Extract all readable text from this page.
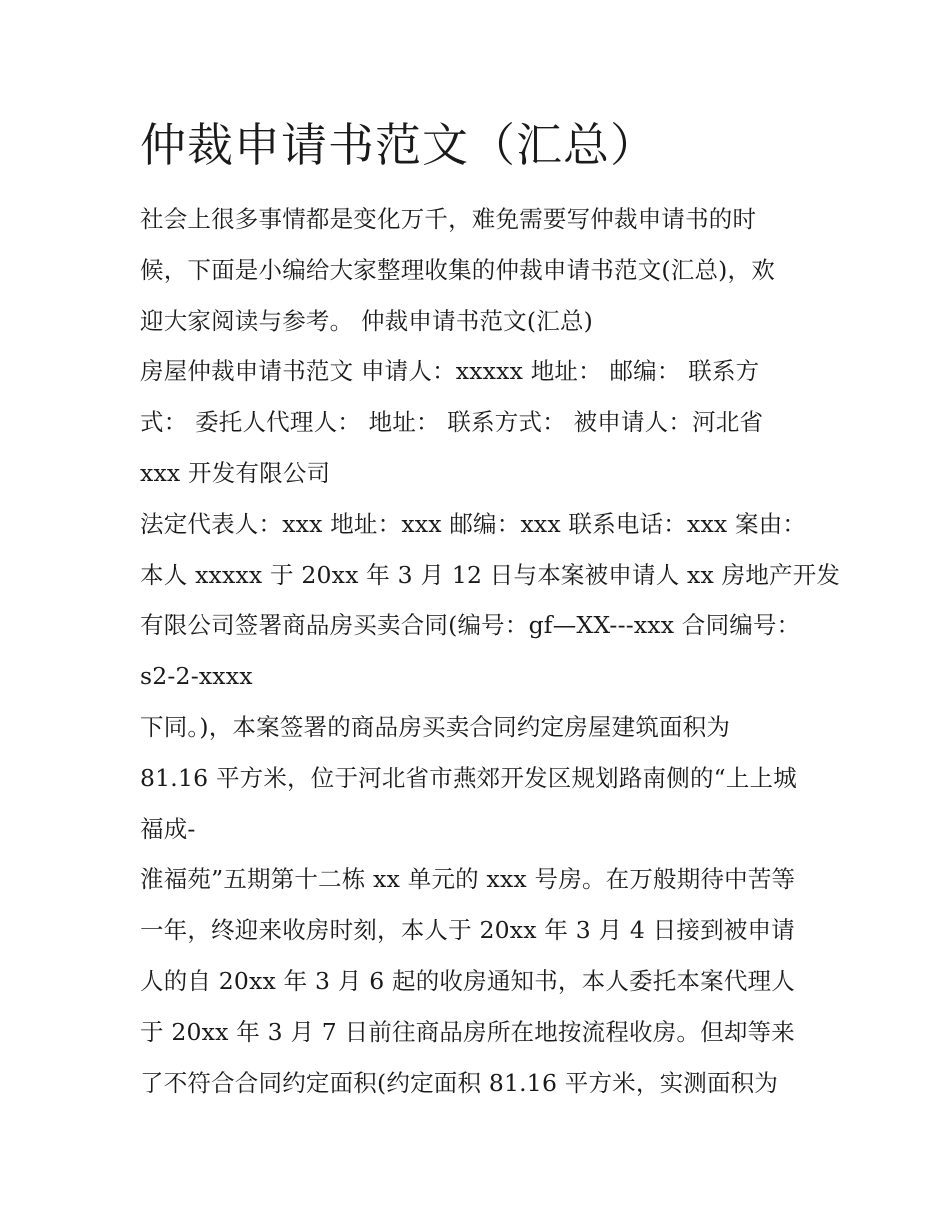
仲裁申请书范文（汇总）
社会上很多事情都是变化万千，难免需要写仲裁申请书的时
候，下面是小编给大家整理收集的仲裁申请书范文(汇总)，欢
迎大家阅读与参考。 仲裁申请书范文(汇总)
房屋仲裁申请书范文 申请人：xxxxx 地址： 邮编： 联系方
式： 委托人代理人： 地址： 联系方式： 被申请人：河北省
xxx 开发有限公司
法定代表人：xxx 地址：xxx 邮编：xxx 联系电话：xxx 案由：
本人 xxxxx 于 20xx 年 3 月 12 日与本案被申请人 xx 房地产开发
有限公司签署商品房买卖合同(编号：gf—XX---xxx 合同编号：
s2-2-xxxx
下同。)，本案签署的商品房买卖合同约定房屋建筑面积为
81.16 平方米，位于河北省市燕郊开发区规划路南侧的“上上城
福成-
淮福苑”五期第十二栋 xx 单元的 xxx 号房。在万般期待中苦等
一年，终迎来收房时刻，本人于 20xx 年 3 月 4 日接到被申请
人的自 20xx 年 3 月 6 起的收房通知书，本人委托本案代理人
于 20xx 年 3 月 7 日前往商品房所在地按流程收房。但却等来
了不符合合同约定面积(约定面积 81.16 平方米，实测面积为
